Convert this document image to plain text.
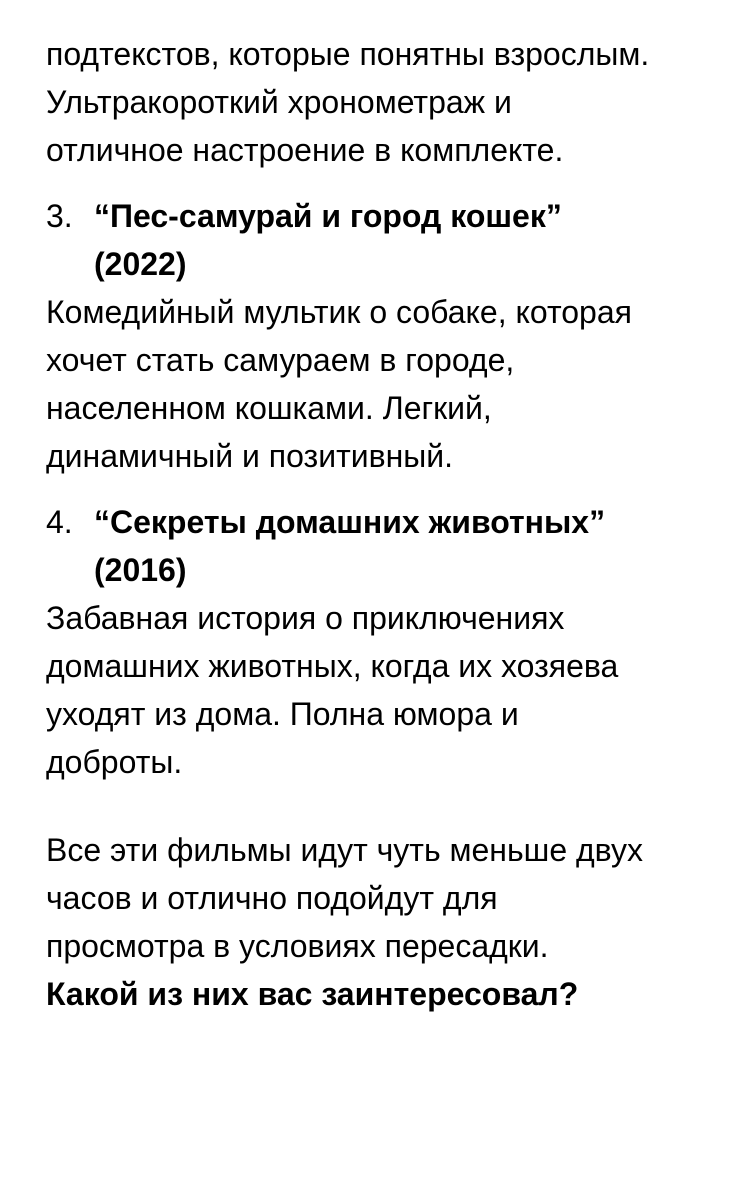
подтекстов, которые понятны взрослым.
Ультракороткий хронометраж и
отличное настроение в комплекте.

3. “Пес-самурай и город кошек”
(2022)

Комедийный мультик о собаке, которая
хочет стать самураем в городе,
населенном кошками. Легкий,
динамичный и позитивный.

4. “Секреты домашних животных”
(2016)

Забавная история о приключениях
домашних животных, когда их хозяева
уходят из дома. Полна юмора и
доброты.

Все эти фильмы идут чуть меньше двух
часов и отлично подойдут для
просмотра в условиях пересадки.

Какой из них вас заинтересовал?
